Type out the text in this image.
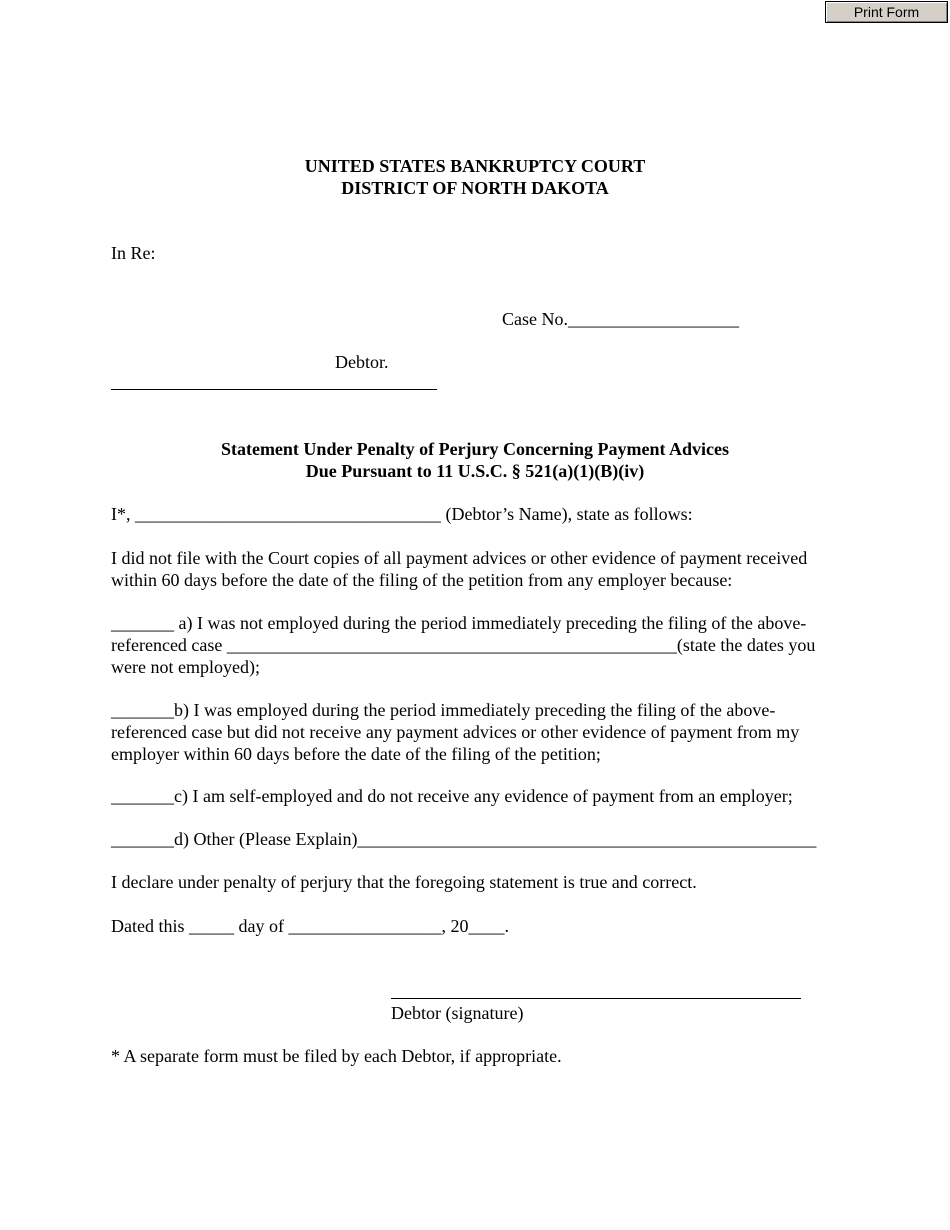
Print Form
UNITED STATES BANKRUPTCY COURT
DISTRICT OF NORTH DAKOTA
In Re:
Case No.___________________
Debtor.
Statement Under Penalty of Perjury Concerning Payment Advices
Due Pursuant to 11 U.S.C. § 521(a)(1)(B)(iv)
I*, __________________________________ (Debtor’s Name), state as follows:
I did not file with the Court copies of all payment advices or other evidence of payment received within 60 days before the date of the filing of the petition from any employer because:
_______ a) I was not employed during the period immediately preceding the filing of the above-referenced case __________________________________________________(state the dates you were not employed);
_______b) I was employed during the period immediately preceding the filing of the above-referenced case but did not receive any payment advices or other evidence of payment from my employer within 60 days before the date of the filing of the petition;
_______c) I am self-employed and do not receive any evidence of payment from an employer;
_______d) Other (Please Explain)___________________________________________________
I declare under penalty of perjury that the foregoing statement is true and correct.
Dated this _____ day of _________________, 20____.
Debtor (signature)
* A separate form must be filed by each Debtor, if appropriate.
